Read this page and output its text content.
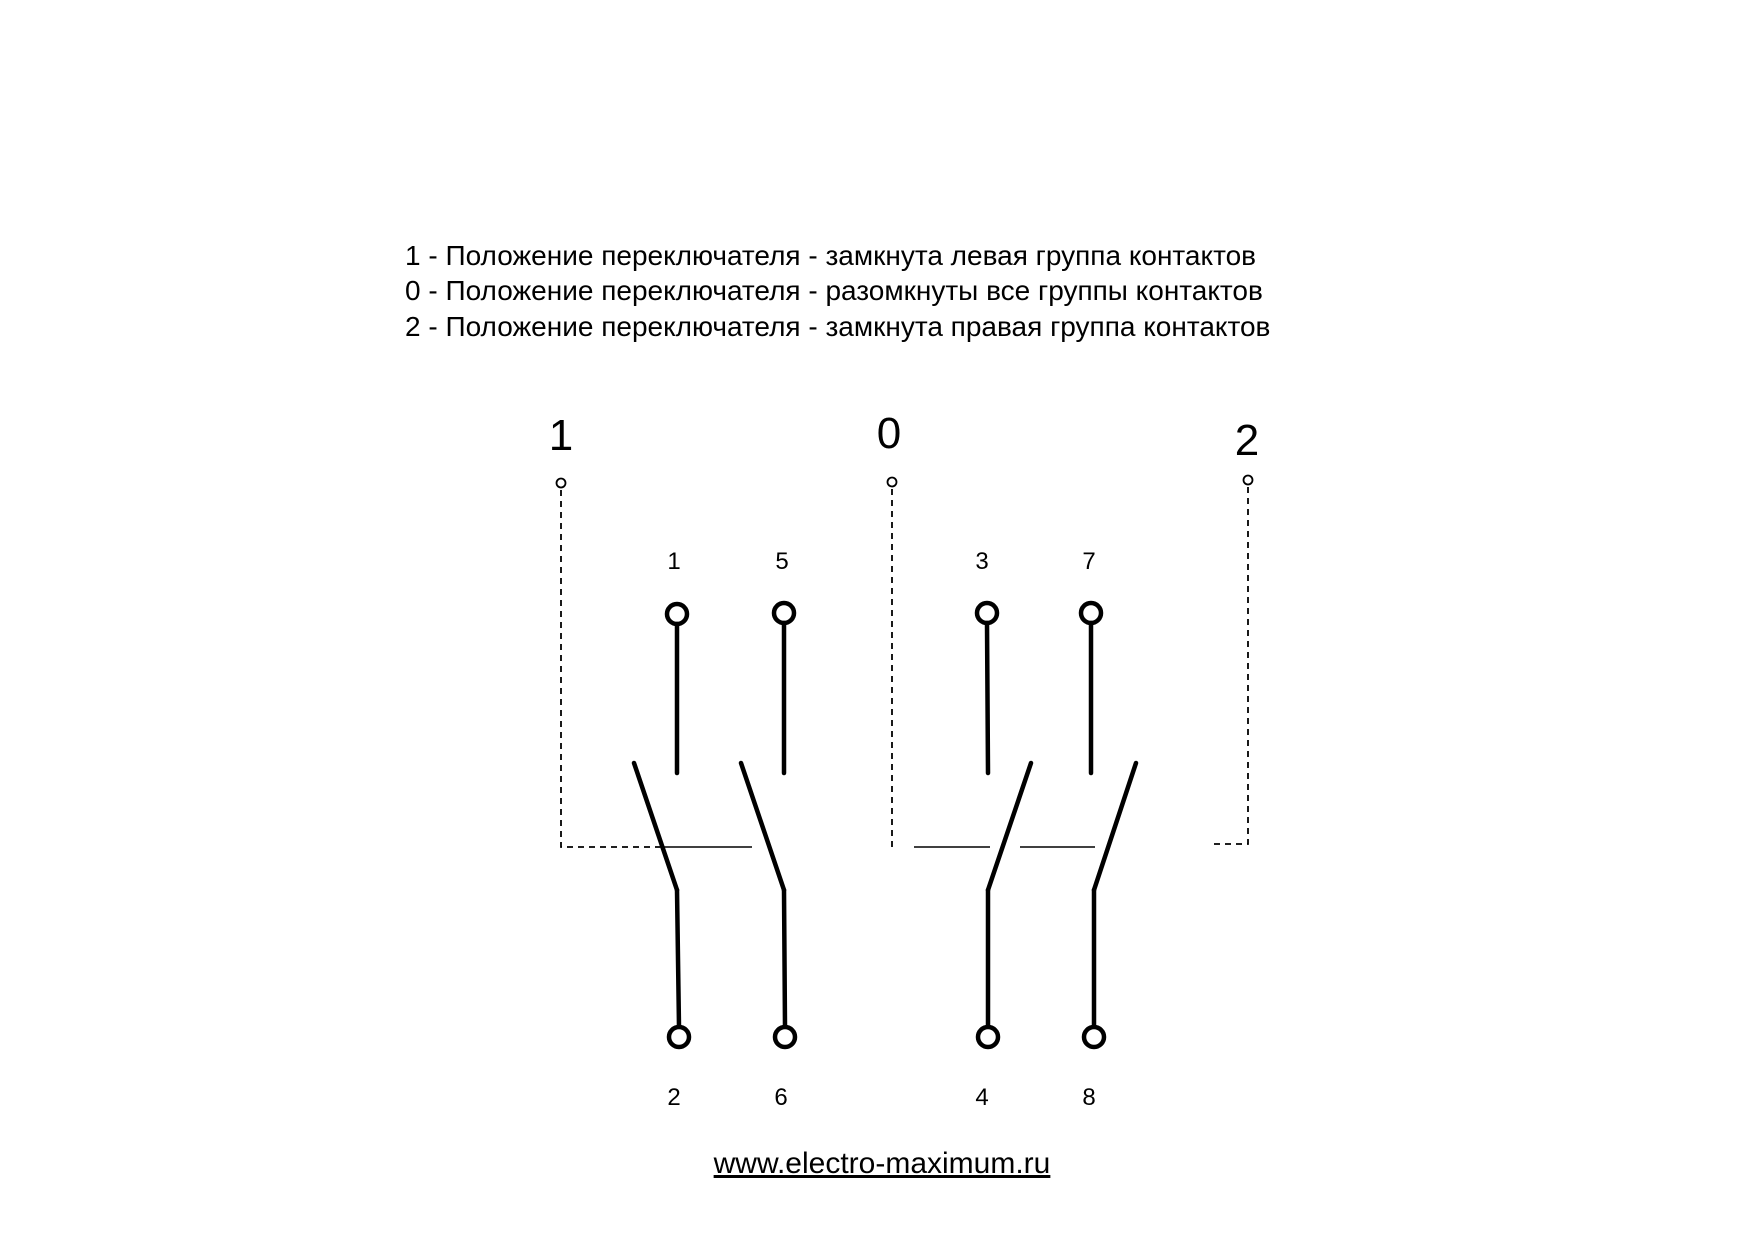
1 - Положение переключателя - замкнута левая группа контактов
0 - Положение переключателя - разомкнуты все группы контактов
2 - Положение переключателя - замкнута правая группа контактов
1	0	2
1	5	3	7
2	6	4	8
www.electro-maximum.ru
